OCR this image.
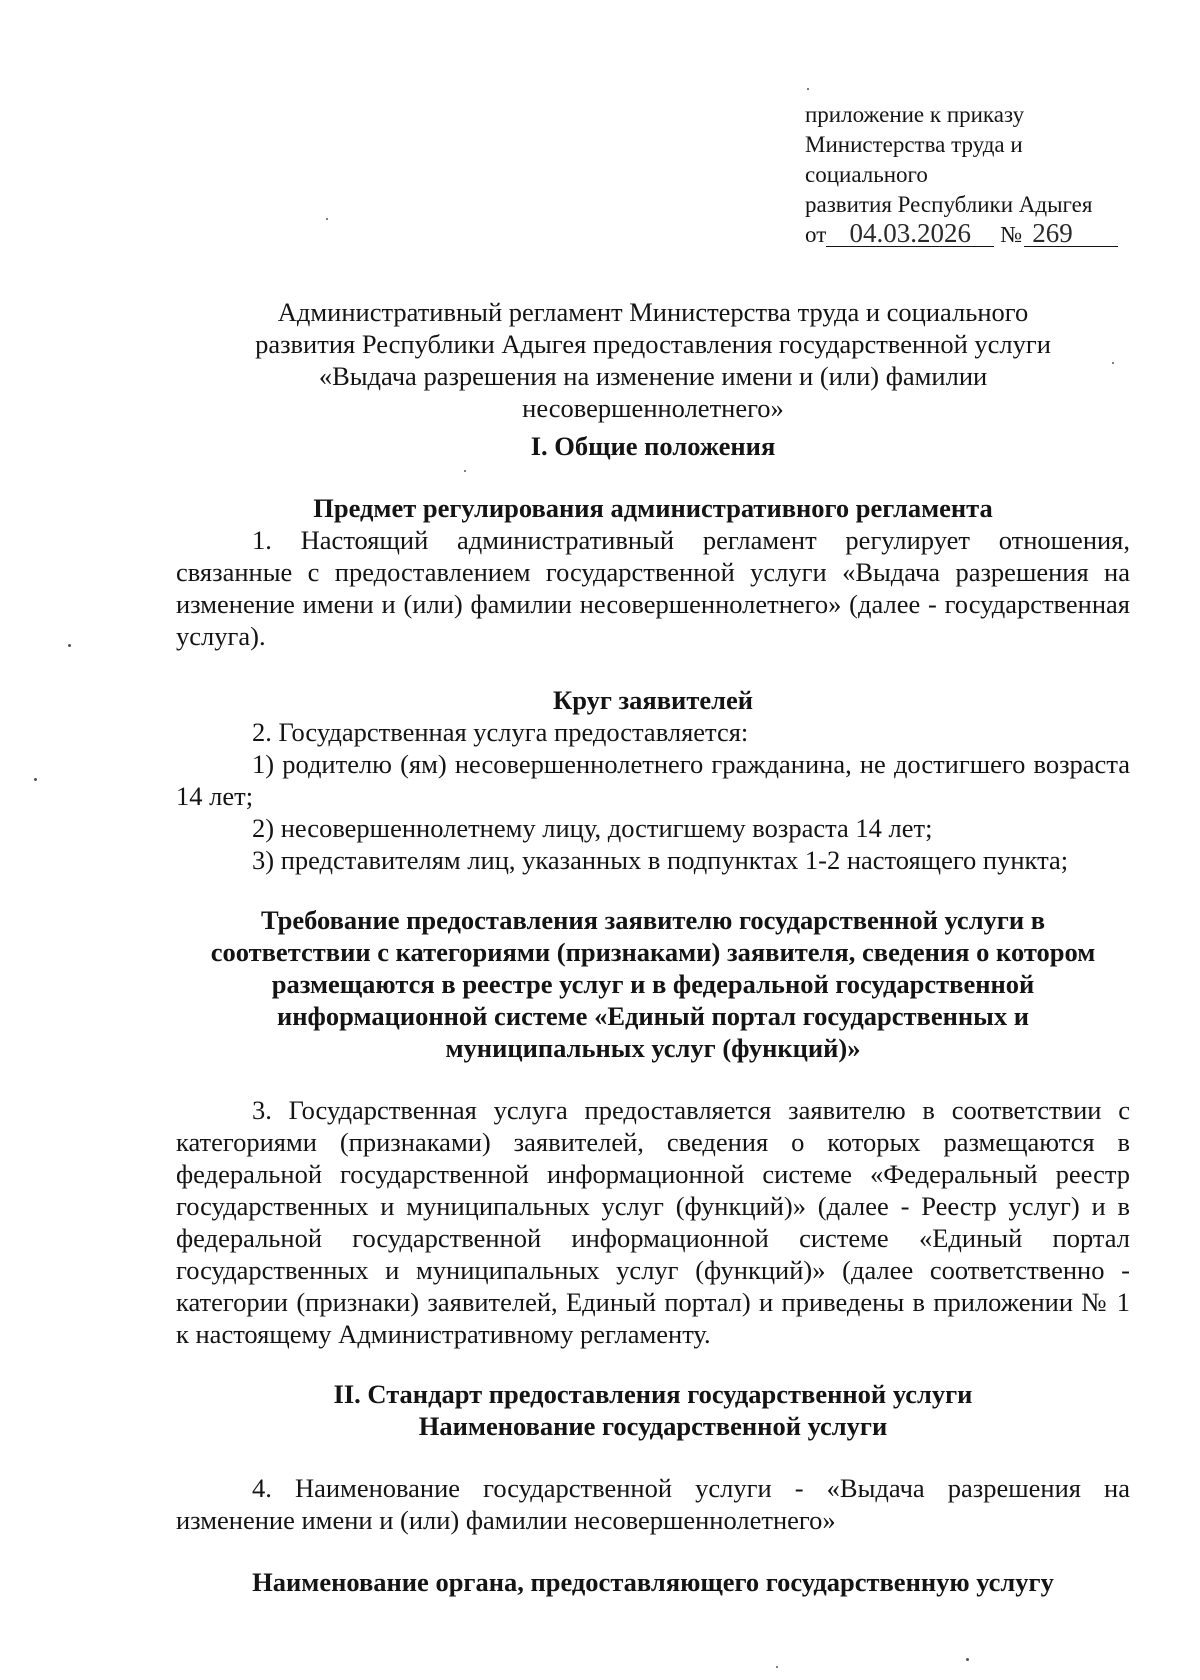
приложение к приказу
Министерства труда и
социального
развития Республики Адыгея
от 04.03.2026 № 269
Административный регламент Министерства труда и социального
развития Республики Адыгея предоставления государственной услуги
«Выдача разрешения на изменение имени и (или) фамилии
несовершеннолетнего»
I. Общие положения
Предмет регулирования административного регламента

1. Настоящий административный регламент регулирует отношения, связанные с предоставлением государственной услуги «Выдача разрешения на изменение имени и (или) фамилии несовершеннолетнего» (далее - государственная услуга).

Круг заявителей

2. Государственная услуга предоставляется:

1) родителю (ям) несовершеннолетнего гражданина, не достигшего возраста 14 лет;

2) несовершеннолетнему лицу, достигшему возраста 14 лет;

3) представителям лиц, указанных в подпунктах 1-2 настоящего пункта;

Требование предоставления заявителю государственной услуги в
соответствии с категориями (признаками) заявителя, сведения о котором
размещаются в реестре услуг и в федеральной государственной
информационной системе «Единый портал государственных и
муниципальных услуг (функций)»

3. Государственная услуга предоставляется заявителю в соответствии с категориями (признаками) заявителей, сведения о которых размещаются в федеральной государственной информационной системе «Федеральный реестр государственных и муниципальных услуг (функций)» (далее - Реестр услуг) и в федеральной государственной информационной системе «Единый портал государственных и муниципальных услуг (функций)» (далее соответственно - категории (признаки) заявителей, Единый портал) и приведены в приложении № 1 к настоящему Административному регламенту.

II. Стандарт предоставления государственной услуги
Наименование государственной услуги

4. Наименование государственной услуги - «Выдача разрешения на изменение имени и (или) фамилии несовершеннолетнего»

Наименование органа, предоставляющего государственную услугу
